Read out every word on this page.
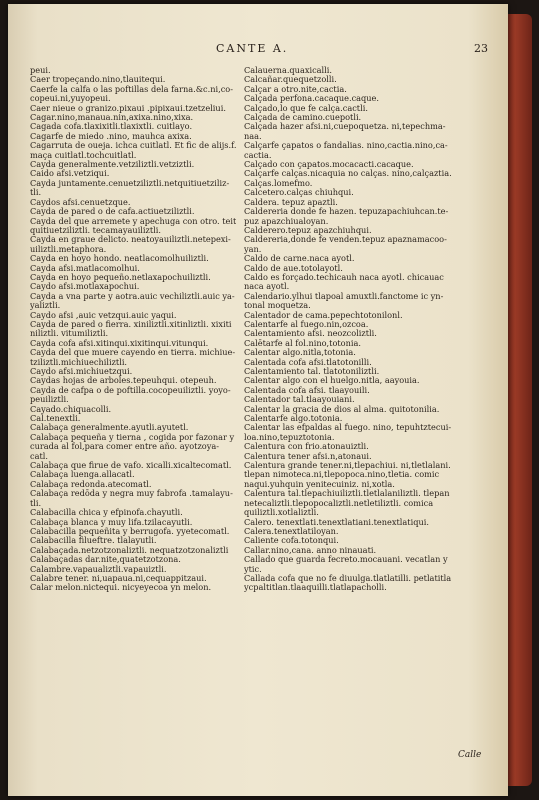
CANTE A.	23
peui.
Caer tropeçando.nino,tlauitequi.
Caerfe la calfa o las poftillas dela farna.&c.ni,co-
copeui.ni,yuyopeui.
Caer nieue o granizo.pixaui .pipixaui.tzetzeliui.
Cagar.nino,manaua.nin,axixa.nino,xixa.
Cagada cofa.tlaxixitli.tlaxixtli. cuitlayo.
Cagarfe de miedo .nino, mauhca axixa.
Cagarruta de oueja. ichca cuitlatl. Et fic de alijs.f.
maça cuitlatl.tochcuitlatl.
Cayda generalmente.vetziliztli.vetziztli.
Caido afsi.vetziqui.
Cayda juntamente.cenuetziliztli.netquitiuetziliz-
tli.
Caydos afsi.cenuetzque.
Cayda de pared o de cafa.actiuetziliztli.
Cayda del que arremete y apechuga con otro. teit
quitiuetziliztli. tecamayauiliztli.
Cayda en graue delicto. neatoyauiliztli.netepexi-
uiliztli.metaphora.
Cayda en hoyo hondo. neatlacomolhuiliztli.
Cayda afsi.matlacomolhui.
Cayda en hoyo pequeño.netlaxapochuiliztli.
Caydo afsi.motlaxapochui.
Cayda a vna parte y aotra.auic vechiliztli.auic ya-
yaliztli.
Caydo afsi ,auic vetzqui.auic yaqui.
Cayda de pared o fierra. xiniliztli.xitinliztli. xixiti
niliztli. vitumiliztli.
Cayda cofa afsi.xitinqui.xixitinqui.vitunqui.
Cayda del que muere cayendo en tierra. michiue-
tziliztli.michiuechiliztli.
Caydo afsi.michiuetzqui.
Caydas hojas de arboles.tepeuhqui. otepeuh.
Cayda de cafpa o de poftilla.cocopeuiliztli. yoyo-
peuiliztli.
Cayado.chiquacolli.
Cal.tenextli.
Calabaça generalmente.ayutli.ayutetl.
Calabaça pequeña y tierna , cogida por fazonar y
curada al fol,para comer entre año. ayotzoya-
catl.
Calabaça que firue de vafo. xicalli.xicaltecomatl.
Calabaça luenga.allacatl.
Calabaça redonda.atecomatl.
Calabaça redōda y negra muy fabrofa .tamalayu-
tli.
Calabacilla chica y efpinofa.chayutli.
Calabaça blanca y muy lifa.tzilacayutli.
Calabacilla pequeñita y berrugofa. yyetecomatl.
Calabacilla filueftre. tlalayutli.
Calabaçada.netzotzonaliztli. nequatzotzonaliztli
Calabaçadas dar.nite,quatetzotzona.
Calambre.vapaualiztli.vapauiztli.
Calabre tener. ni,uapaua.ni,cequappitzaui.
Calar melon.nictequi. nicyeyecoa yn melon.
Calauerna.quaxicalli.
Calcañar.quequetzolli.
Calçar a otro.nite,cactia.
Calçada perfona.cacaque.caque.
Calçado,lo que fe calça.cactli.
Calçada de camino.cuepotli.
Calçada hazer afsi.ni,cuepoquetza. ni,tepechma-
naa.
Calçarfe çapatos o fandalias. nino,cactia.nino,ca-
cactia.
Calçado con çapatos.mocacacti.cacaque.
Calçarfe calças.nicaquia no calças. nino,calçaztia.
Calças.lomefmo.
Calcetero.calças chiuhqui.
Caldera. tepuz apaztli.
Caldereria donde fe hazen. tepuzapachiuhcan.te-
puz apazchiualoyan.
Calderero.tepuz apazchiuhqui.
Caldereria,donde fe venden.tepuz apaznamacoo-
yan.
Caldo de carne.naca ayotl.
Caldo de aue.totolayotl.
Caldo es forçado.techicauh naca ayotl. chicauac
naca ayotl.
Calendario.ylhui tlapoal amuxtli.fanctome ic yn-
tonal moquetza.
Calentador de cama.pepechtotonilonl.
Calentarfe al fuego.nin,ozcoa.
Calentamiento afsi. neozcoliztli.
Calētarfe al fol.nino,totonia.
Calentar algo.nitla,totonia.
Calentada cofa afsi.tlatotonilli.
Calentamiento tal. tlatotoniliztli.
Calentar algo con el huelgo.nitla, aayouia.
Calentada cofa afsi. tlaayouili.
Calentador tal.tlaayouiani.
Calentar la gracia de dios al alma. quitotonilia.
Calentarfe algo.totonia.
Calentar las efpaldas al fuego. nino, tepuhtztecui-
loa.nino,tepuztotonia.
Calentura con frio.atonauiztli.
Calentura tener afsi.n,atonaui.
Calentura grande tener.ni,tlepachiui. ni,tletlalani.
tlepan nimoteca.ni,tlepopoca.nino,tletia. comic
naqui.yuhquin yenitecuiniz. ni,xotla.
Calentura tal.tlepachiuiliztli.tletlalaniliztli. tlepan
netecaliztli.tlepopocaliztli.netletiliztli. comica
quiliztli.xotlaliztli.
Calero. tenextlati.tenextlatiani.tenextlatiqui.
Calera.tenextlatiloyan.
Caliente cofa.totonqui.
Callar.nino,cana. anno ninauati.
Callado que guarda fecreto.mocauani. vecatlan y
ytic.
Callada cofa que no fe diuulga.tlatlatilli. petlatitla
ycpaltitlan.tlaaquilli.tlatlapacholli.
Calle
